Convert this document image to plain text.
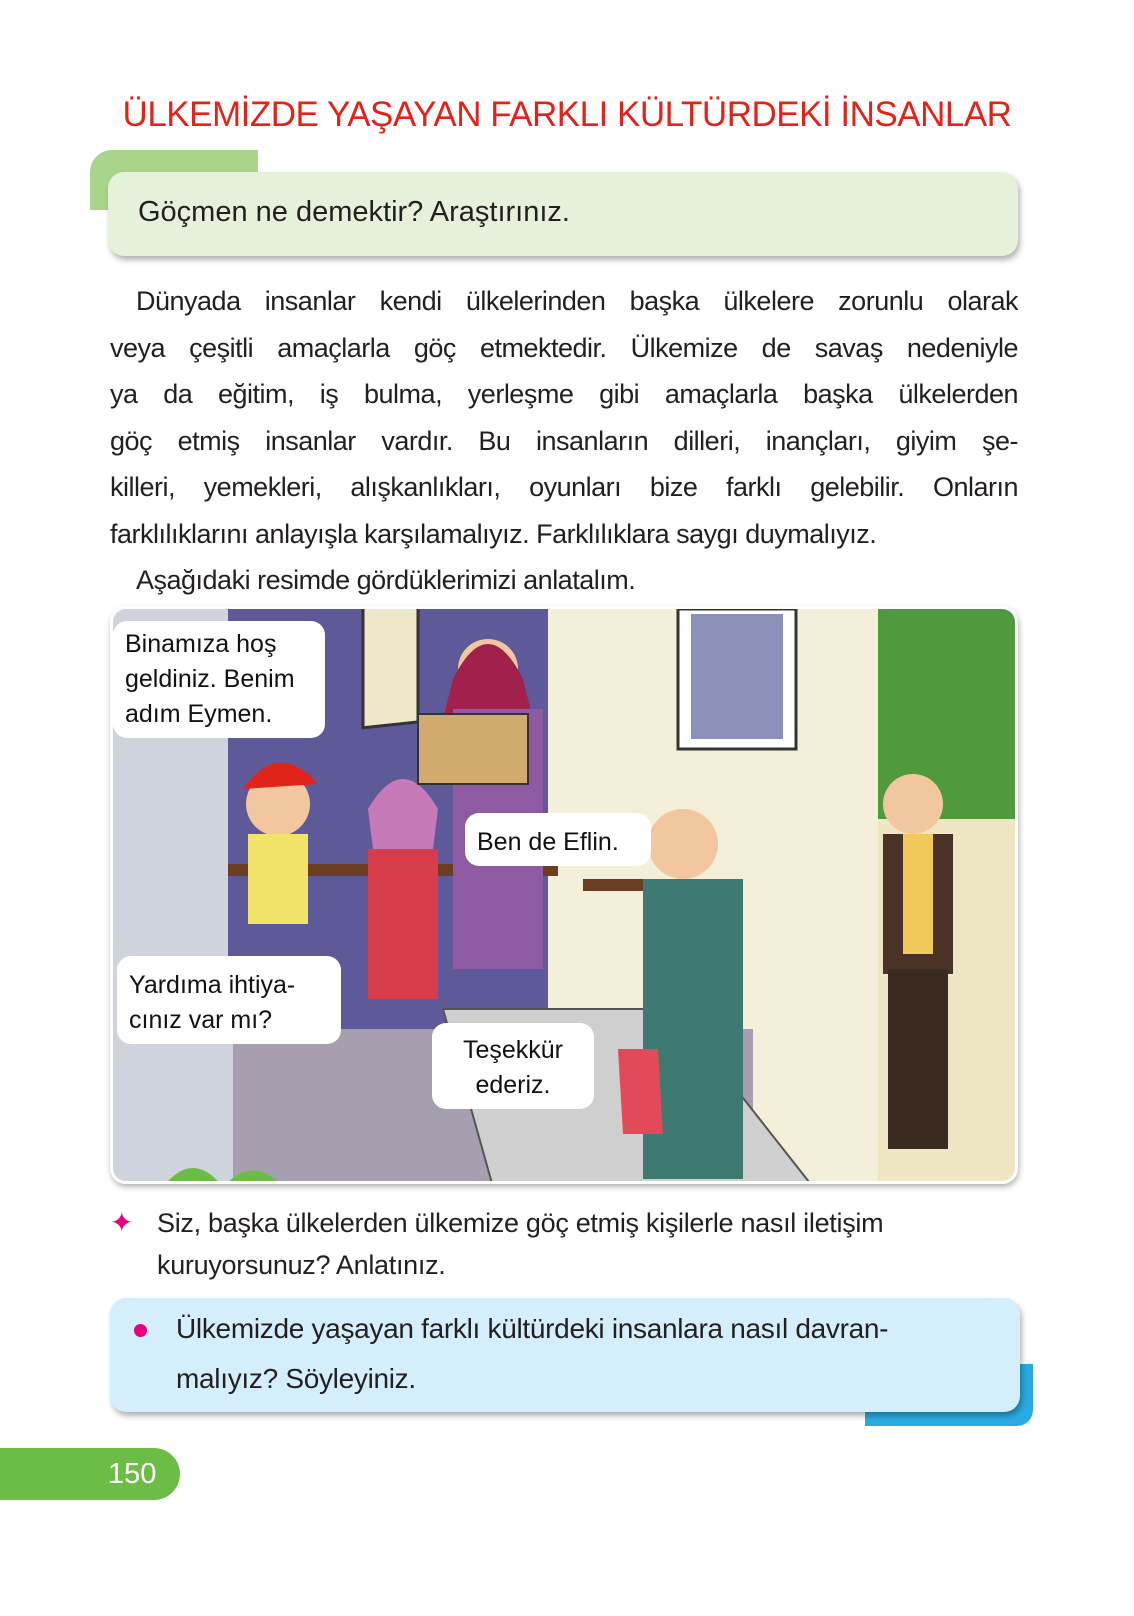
ÜLKEMİZDE YAŞAYAN FARKLI KÜLTÜRDEKİ İNSANLAR
Göçmen ne demektir? Araştırınız.
Dünyada insanlar kendi ülkelerinden başka ülkelere zorunlu olarak
veya çeşitli amaçlarla göç etmektedir. Ülkemize de savaş nedeniyle
ya da eğitim, iş bulma, yerleşme gibi amaçlarla başka ülkelerden
göç etmiş insanlar vardır. Bu insanların dilleri, inançları, giyim şe-
killeri, yemekleri, alışkanlıkları, oyunları bize farklı gelebilir. Onların
farklılıklarını anlayışla karşılamalıyız. Farklılıklara saygı duymalıyız.
Aşağıdaki resimde gördüklerimizi anlatalım.
Binamıza hoş
geldiniz. Benim
adım Eymen.
Ben de Eflin.
Yardıma ihtiya-
cınız var mı?
Teşekkür
ederiz.
✦ Siz, başka ülkelerden ülkemize göç etmiş kişilerle nasıl iletişim
kuruyorsunuz? Anlatınız.
Ülkemizde yaşayan farklı kültürdeki insanlara nasıl davran-
malıyız? Söyleyiniz.
150
